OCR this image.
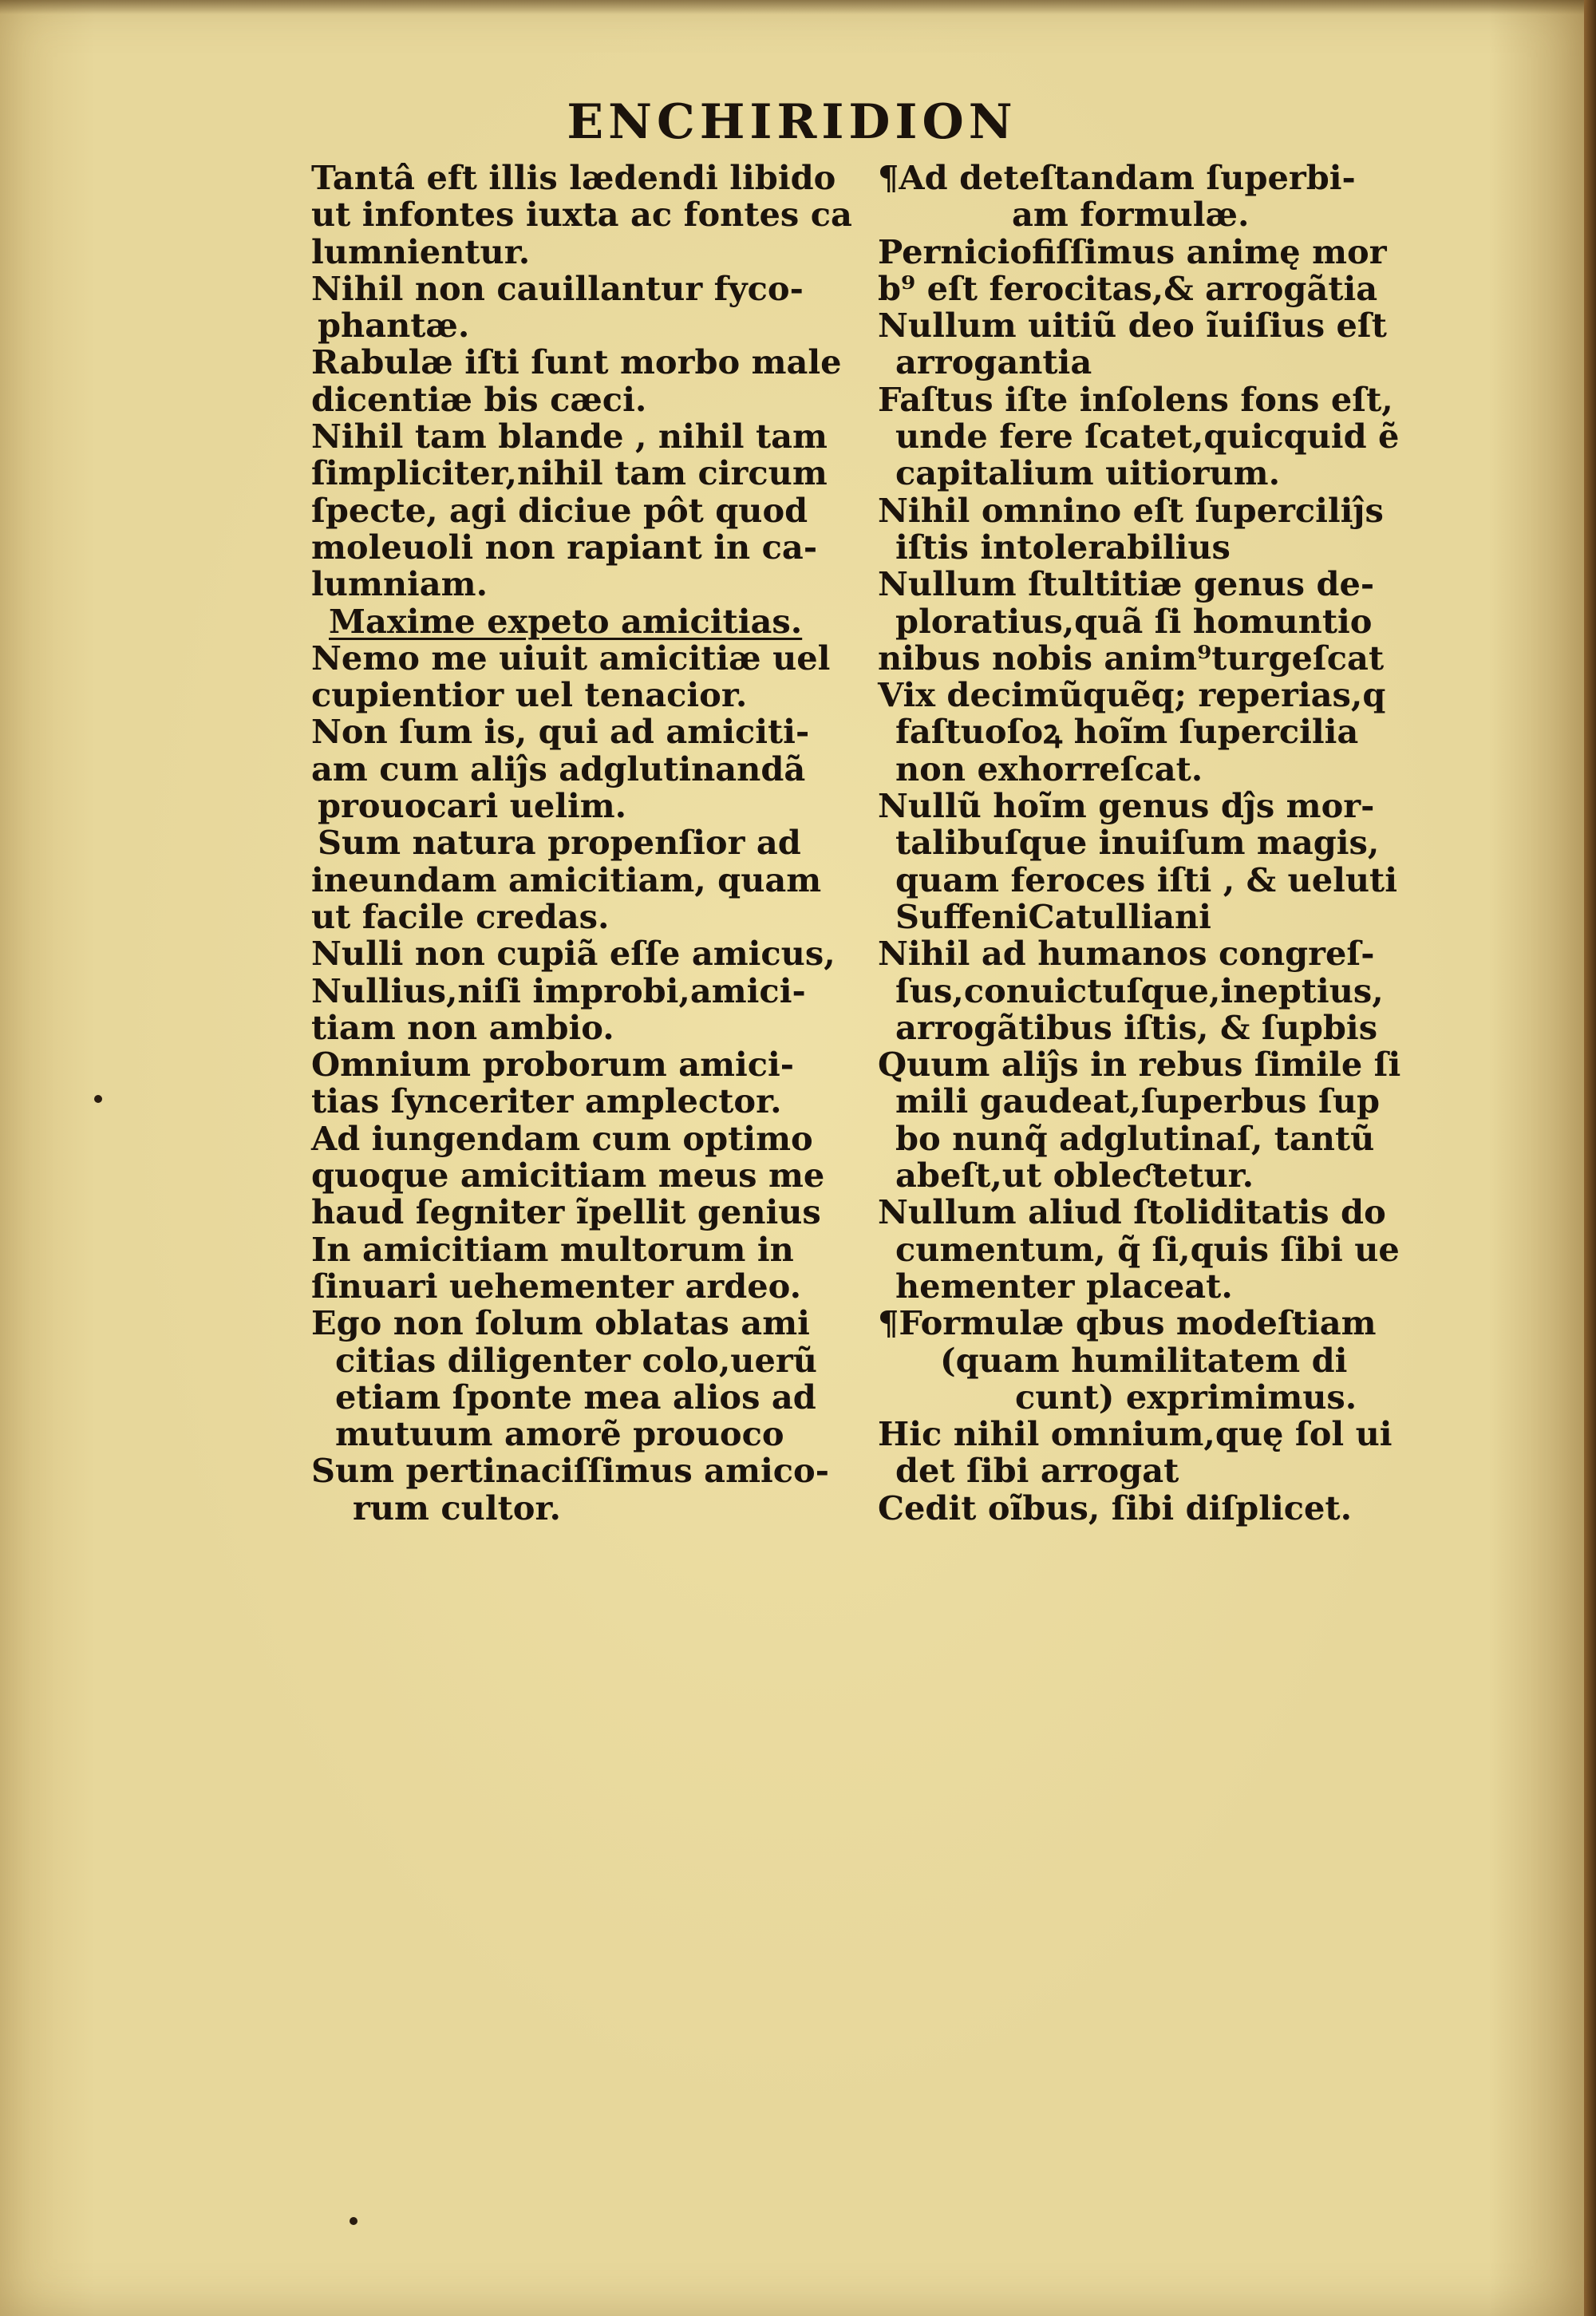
ENCHIRIDION
Tantâ eft illis lædendi libido
ut infontes iuxta ac fontes ca
lumnientur.
Nihil non cauillantur fyco-
phantæ.
Rabulæ iſti ſunt morbo male
dicentiæ bis cæci.
Nihil tam blande , nihil tam
ſimpliciter,nihil tam circum
ſpecte, agi diciue pôt quod
moleuoli non rapiant in ca-
lumniam.
Maxime expeto amicitias.
Nemo me uiuit amicitiæ uel
cupientior uel tenacior.
Non ſum is, qui ad amiciti-
am cum aliĵs adglutinandã
prouocari uelim.
Sum natura propenſior ad
ineundam amicitiam, quam
ut facile credas.
Nulli non cupiã eſſe amicus,
Nullius,niſi improbi,amici-
tiam non ambio.
Omnium proborum amici-
tias ſynceriter amplector.
Ad iungendam cum optimo
quoque amicitiam meus me
haud ſegniter ĩpellit genius
In amicitiam multorum in
ſinuari uehementer ardeo.
Ego non ſolum oblatas ami
citias diligenter colo,uerũ
etiam ſponte mea alios ad
mutuum amorẽ prouoco
Sum pertinaciſſimus amico-
rum cultor.
¶Ad deteſtandam ſuperbi-
am formulæ.
Perniciofiſſimus animę mor
b⁹ eſt ferocitas,& arrogãtia
Nullum uitiũ deo ĩuiſius eſt
arrogantia
Faſtus iſte inſolens fons eſt,
unde fere ſcatet,quicquid ẽ
capitalium uitiorum.
Nihil omnino eſt ſuperciliĵs
iſtis intolerabilius
Nullum ſtultitiæ genus de-
ploratius,quã ſi homuntio
nibus nobis anim⁹turgeſcat
Vix decimũquẽq; reperias,q
faſtuoſoꝝ hoĩm ſupercilia
non exhorreſcat.
Nullũ hoĩm genus dĵs mor-
talibuſque inuiſum magis,
quam feroces iſti , & ueluti
SuffeniCatulliani
Nihil ad humanos congreſ-
ſus,conuictuſque,ineptius,
arrogãtibus iſtis, & ſupbis
Quum aliĵs in rebus ſimile ſi
mili gaudeat,ſuperbus ſup
bo nunq̃ adglutinaſ, tantũ
abeſt,ut obleƈtetur.
Nullum aliud ſtoliditatis do
cumentum, q̃ ſi,quis ſibi ue
hementer placeat.
¶Formulæ qbus modeſtiam
(quam humilitatem di
cunt) exprimimus.
Hic nihil omnium,quę ſol ui
det ſibi arrogat
Cedit oĩbus, ſibi diſplicet.
